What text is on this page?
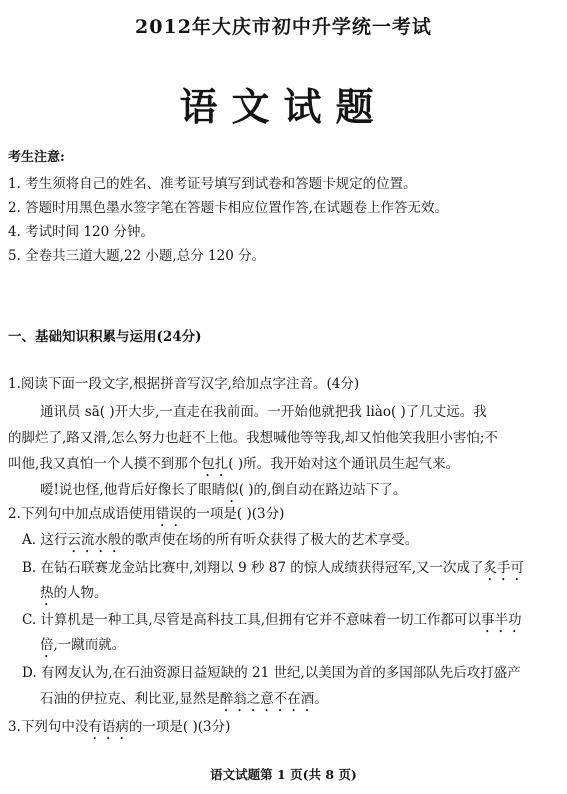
2012年大庆市初中升学统一考试
语文试题
考生注意:
1. 考生须将自己的姓名、准考证号填写到试卷和答题卡规定的位置。
2. 答题时用黑色墨水签字笔在答题卡相应位置作答,在试题卷上作答无效。
4. 考试时间 120 分钟。
5. 全卷共三道大题,22 小题,总分 120 分。
一、基础知识积累与运用(24分)
1.阅读下面一段文字,根据拼音写汉字,给加点字注音。(4分)
通讯员 sā( )开大步,一直走在我前面。一开始他就把我 liào( )了几丈远。我
的脚烂了,路又滑,怎么努力也赶不上他。我想喊他等等我,却又怕他笑我胆小害怕;不
叫他,我又真怕一个人摸不到那个包扎( )所。我开始对这个通讯员生起气来。
嗳!说也怪,他背后好像长了眼睛似( )的,倒自动在路边站下了。
2.下列句中加点成语使用错误的一项是( )(3分)
A. 这行云流水般的歌声使在场的所有听众获得了极大的艺术享受。
B. 在钻石联赛龙金站比赛中,刘翔以 9 秒 87 的惊人成绩获得冠军,又一次成了炙手可
热的人物。
C. 计算机是一种工具,尽管是高科技工具,但拥有它并不意味着一切工作都可以事半功
倍,一蹴而就。
D. 有网友认为,在石油资源日益短缺的 21 世纪,以美国为首的多国部队先后攻打盛产
石油的伊拉克、利比亚,显然是醉翁之意不在酒。
3.下列句中没有语病的一项是( )(3分)
语文试题第 1 页(共 8 页)
